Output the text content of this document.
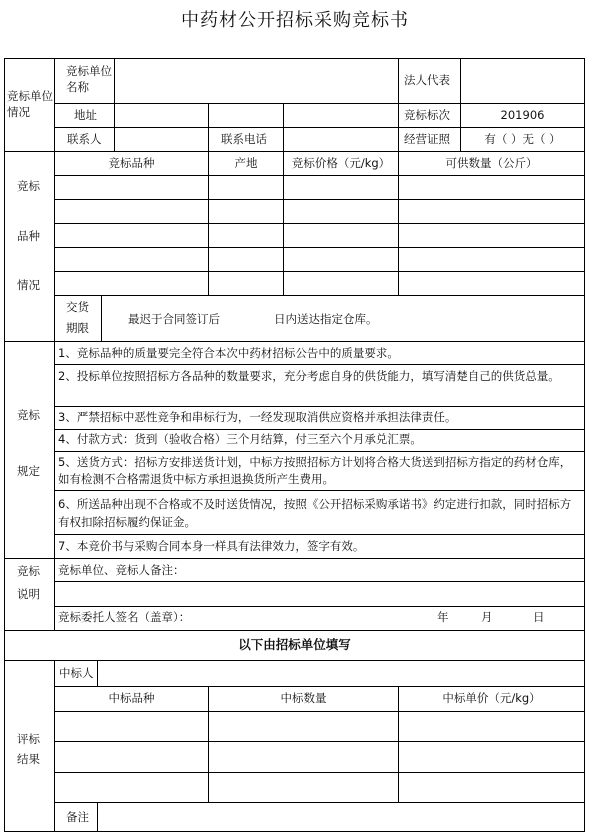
中药材公开招标采购竞标书
竞标单位情况
竞标单位名称	法人代表
地址	竞标标次	201906
联系人	联系电话	经营证照	有（ ）无（ ）
竞标
品种
情况
竞标品种	产地	竞标价格（元/kg）	可供数量（公斤）
交货
期限
最迟于合同签订后	日内送达指定仓库。
竞标
规定
1、竞标品种的质量要完全符合本次中药材招标公告中的质量要求。
2、投标单位按照招标方各品种的数量要求，充分考虑自身的供货能力，填写清楚自己的供货总量。
3、严禁招标中恶性竞争和串标行为，一经发现取消供应资格并承担法律责任。
4、付款方式：货到（验收合格）三个月结算，付三至六个月承兑汇票。
5、送货方式：招标方安排送货计划，中标方按照招标方计划将合格大货送到招标方指定的药材仓库，如有检测不合格需退货中标方承担退换货所产生费用。
6、所送品种出现不合格或不及时送货情况，按照《公开招标采购承诺书》约定进行扣款，同时招标方有权扣除招标履约保证金。
7、本竞价书与采购合同本身一样具有法律效力，签字有效。
竞标
说明
竞标单位、竞标人备注：
竞标委托人签名（盖章）：	年	月	日
以下由招标单位填写
评标
结果
中标人
中标品种	中标数量	中标单价（元/kg）
备注
